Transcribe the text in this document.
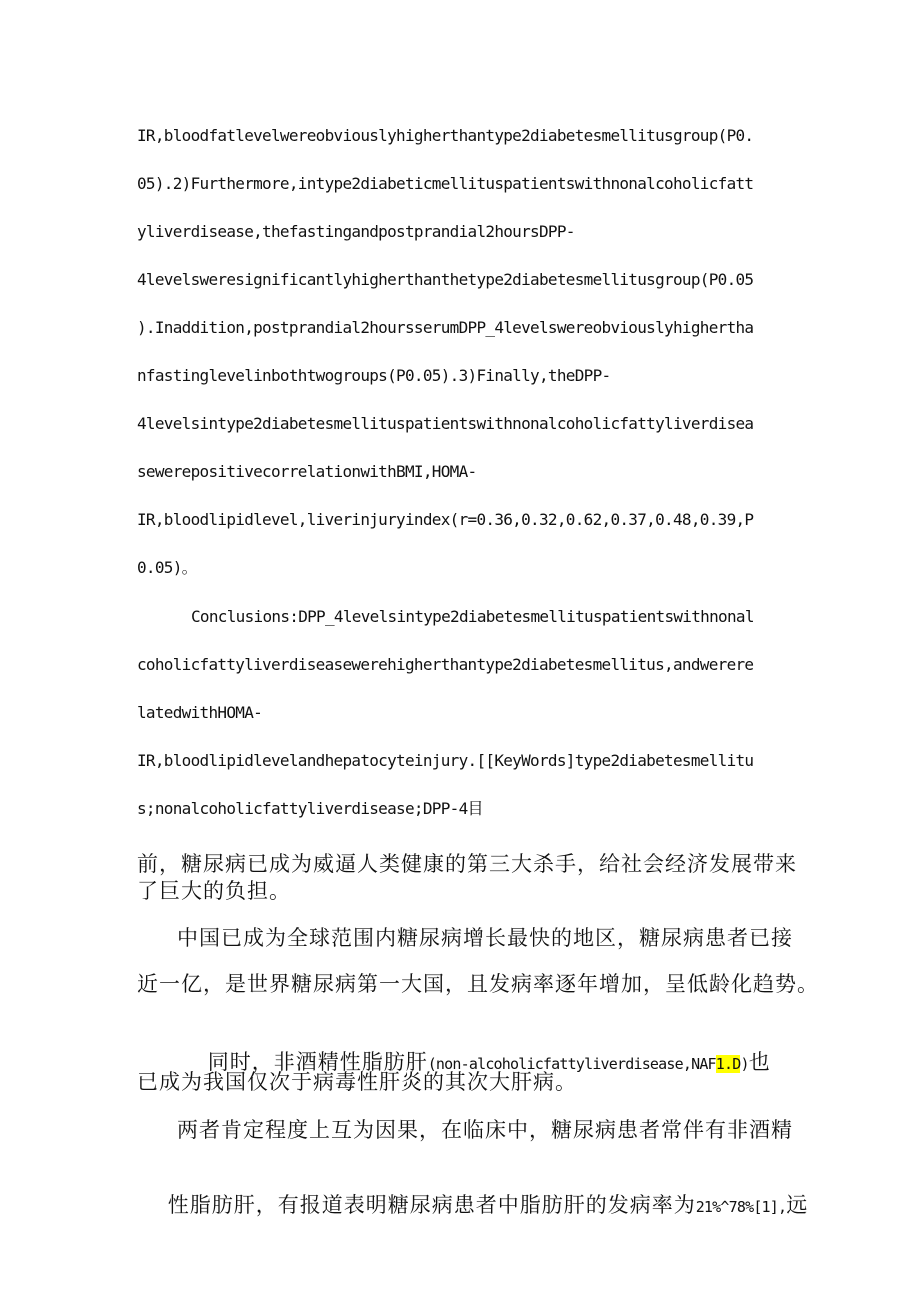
IR,bloodfatlevelwereobviouslyhigherthantype2diabetesmellitusgroup(P0.
05).2)Furthermore,intype2diabeticmellituspatientswithnonalcoholicfatt
yliverdisease,thefastingandpostprandial2hoursDPP-
4levelsweresignificantlyhigherthanthetype2diabetesmellitusgroup(P0.05
).Inaddition,postprandial2hoursserumDPP_4levelswereobviouslyhigherthа
nfastinglevelinbothtwogroups(P0.05).3)Finally,theDPP-
4levelsintype2diabetesmellituspatientswithnonalcoholicfattyliverdisea
sewerepositivecorrelationwithBMI,HOMA-
IR,bloodlipidlevel,liverinjuryindex(r=0.36,0.32,0.62,0.37,0.48,0.39,P
0.05)。
Conclusions:DPP_4levelsintype2diabetesmellituspatientswithnonal
coholicfattyliverdiseasewerehigherthantype2diabetesmellitus,andwerere
latedwithHOMA-
IR,bloodlipidlevelandhepatocyteinjury.[[KeyWords]type2diabetesmellitu
s;nonalcoholicfattyliverdisease;DPP-4目
前，糖尿病已成为威逼人类健康的第三大杀手，给社会经济发展带来
了巨大的负担。
中国已成为全球范围内糖尿病增长最快的地区，糖尿病患者已接
近一亿，是世界糖尿病第一大国，且发病率逐年增加，呈低龄化趋势。

同时，非酒精性脂肪肝(non-alcoholicfattyliverdisease,NAF1.D)也

已成为我国仅次于病毒性肝炎的其次大肝病。
两者肯定程度上互为因果，在临床中，糖尿病患者常伴有非酒精

性脂肪肝，有报道表明糖尿病患者中脂肪肝的发病率为21%^78%[1],远
